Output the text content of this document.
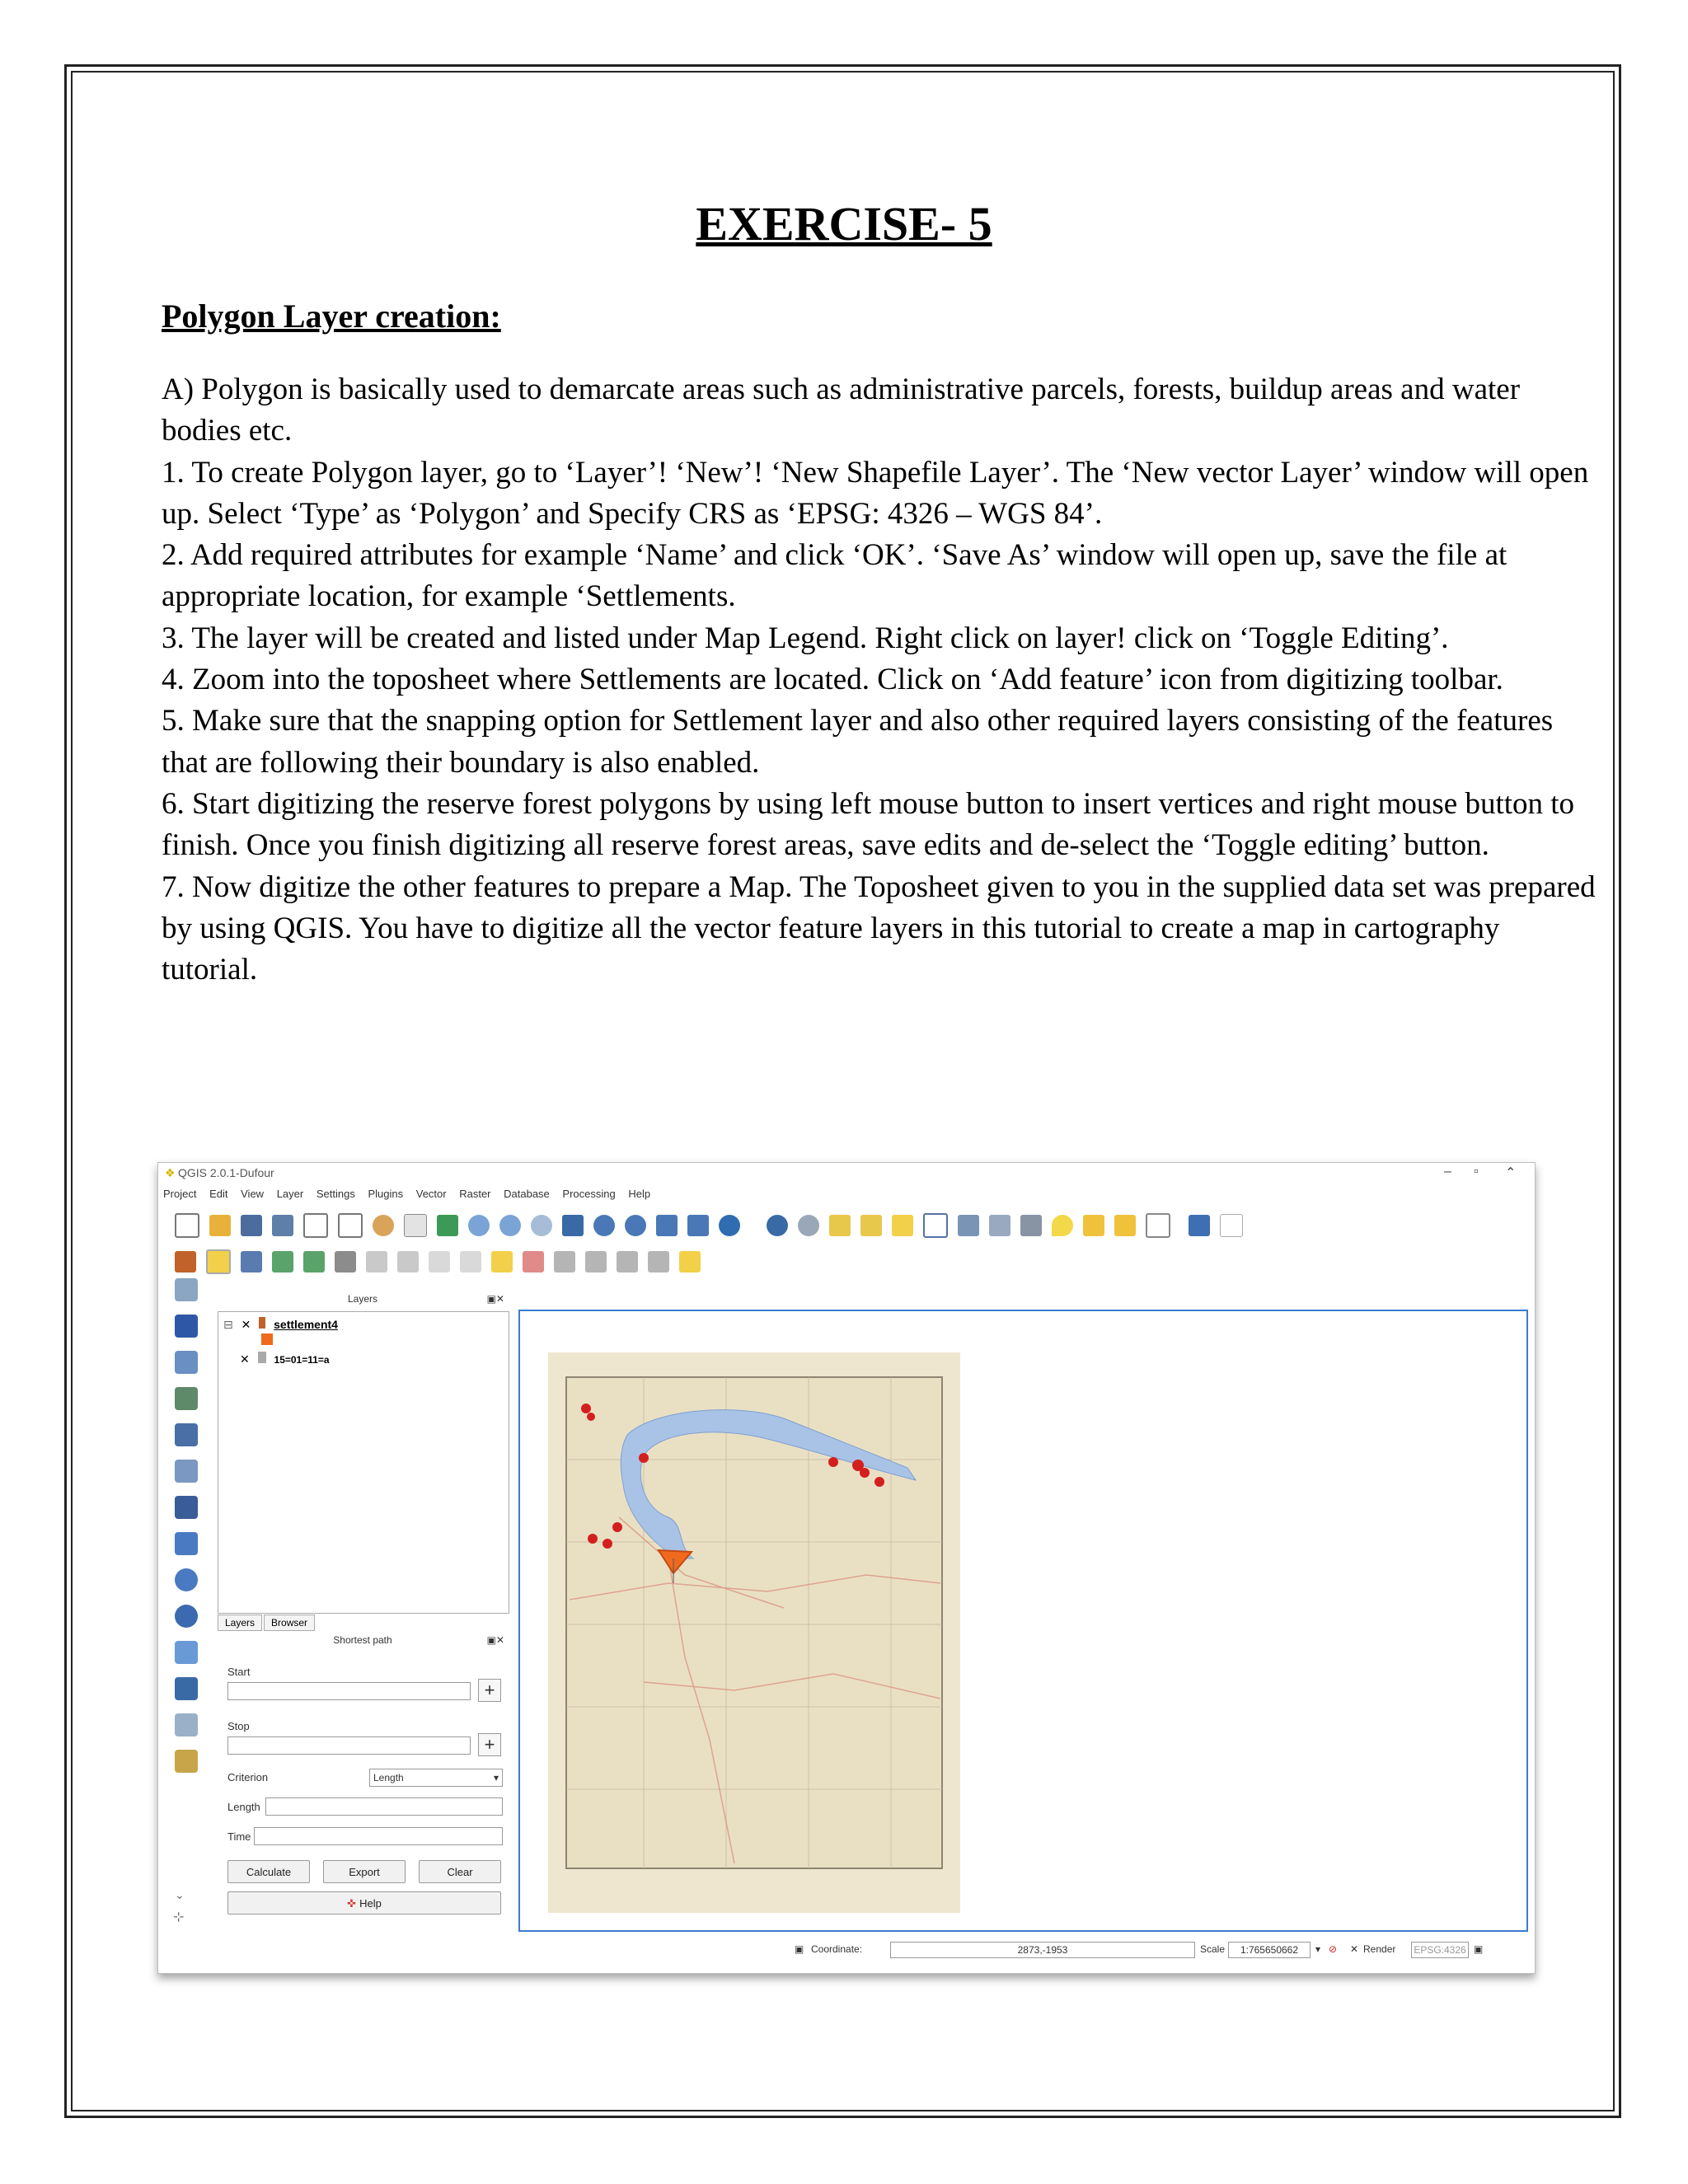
EXERCISE- 5
Polygon Layer creation:

A) Polygon is basically used to demarcate areas such as administrative parcels, forests, buildup areas and water bodies etc.

1. To create Polygon layer, go to ‘Layer’! ‘New’! ‘New Shapefile Layer’. The ‘New vector Layer’ window will open up. Select ‘Type’ as ‘Polygon’ and Specify CRS as ‘EPSG: 4326 – WGS 84’.

2. Add required attributes for example ‘Name’ and click ‘OK’. ‘Save As’ window will open up, save the file at appropriate location, for example ‘Settlements.

3. The layer will be created and listed under Map Legend. Right click on layer! click on ‘Toggle Editing’.

4. Zoom into the toposheet where Settlements are located. Click on ‘Add feature’ icon from digitizing toolbar.

5. Make sure that the snapping option for Settlement layer and also other required layers consisting of the features that are following their boundary is also enabled.

6. Start digitizing the reserve forest polygons by using left mouse button to insert vertices and right mouse button to finish. Once you finish digitizing all reserve forest areas, save edits and de-select the ‘Toggle editing’ button.

7. Now digitize the other features to prepare a Map. The Toposheet given to you in the supplied data set was prepared by using QGIS. You have to digitize all the vector feature layers in this tutorial to create a map in cartography tutorial.

❖ QGIS 2.0.1-Dufour	– ▫ ⌃
Project Edit View Layer Settings Plugins Vector Raster Database Processing Help
Layers	▣✕
⊟ ✕ settlement4
✕ 15=01=11=a
Layers Browser
Shortest path	▣✕
Start
+
Stop
+
Criterion	Length	▾
Length
Time
Calculate	Export	Clear
✜ Help
⌄
⊹
▣ Coordinate:	2873,-1953	Scale	1:765650662	▾ ⊘ ✕ Render EPSG:4326 ▣
